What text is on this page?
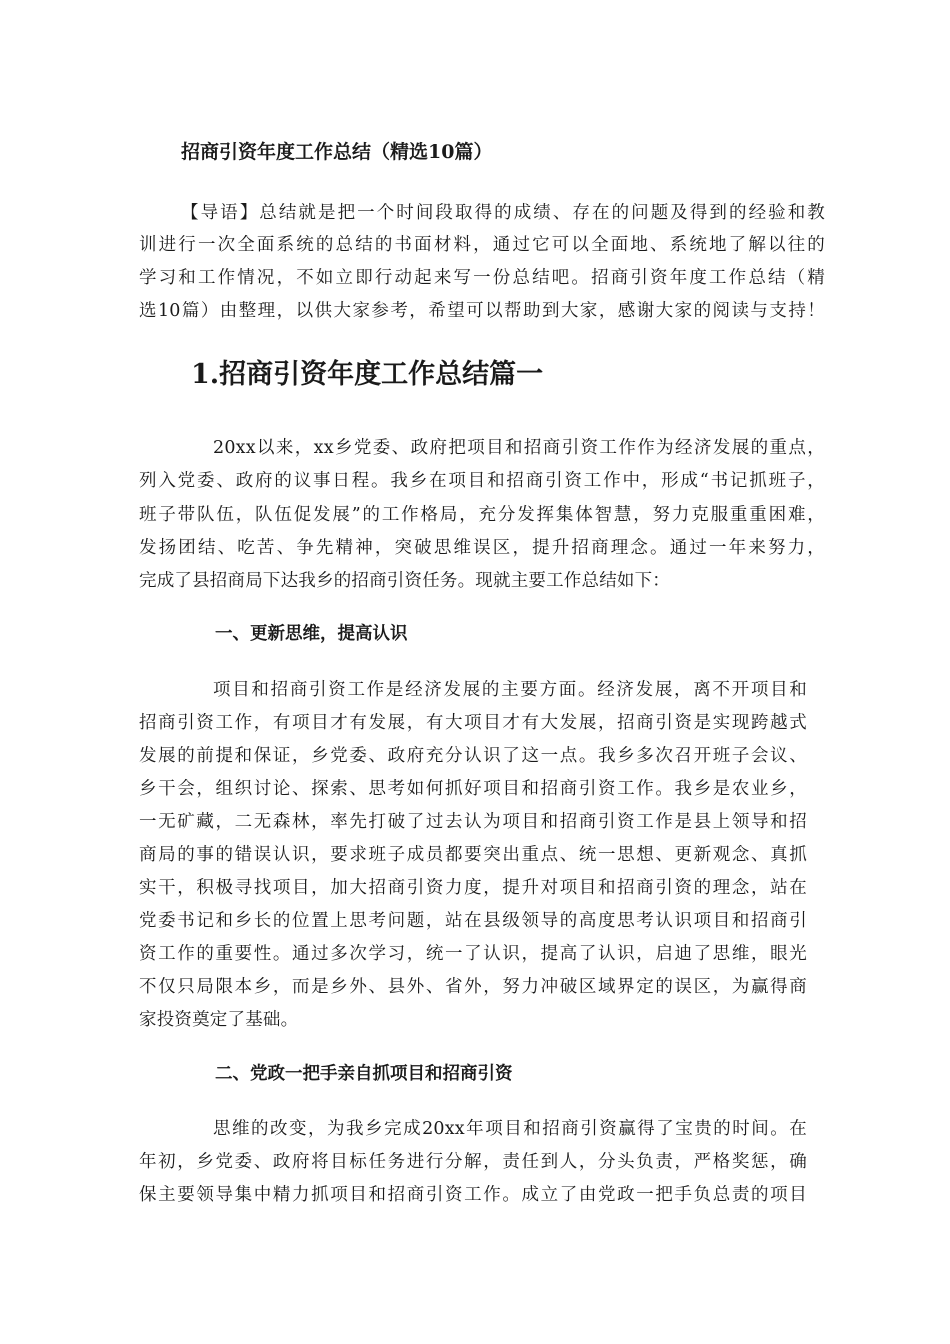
招商引资年度工作总结（精选10篇）
【导语】总结就是把一个时间段取得的成绩、存在的问题及得到的经验和教
训进行一次全面系统的总结的书面材料，通过它可以全面地、系统地了解以往的
学习和工作情况，不如立即行动起来写一份总结吧。招商引资年度工作总结（精
选10篇）由整理，以供大家参考，希望可以帮助到大家，感谢大家的阅读与支持！
1.招商引资年度工作总结篇一
20xx以来，xx乡党委、政府把项目和招商引资工作作为经济发展的重点，
列入党委、政府的议事日程。我乡在项目和招商引资工作中，形成“书记抓班子，
班子带队伍，队伍促发展”的工作格局，充分发挥集体智慧，努力克服重重困难，
发扬团结、吃苦、争先精神，突破思维误区，提升招商理念。通过一年来努力，
完成了县招商局下达我乡的招商引资任务。现就主要工作总结如下：
一、更新思维，提高认识
项目和招商引资工作是经济发展的主要方面。经济发展，离不开项目和
招商引资工作，有项目才有发展，有大项目才有大发展，招商引资是实现跨越式
发展的前提和保证，乡党委、政府充分认识了这一点。我乡多次召开班子会议、
乡干会，组织讨论、探索、思考如何抓好项目和招商引资工作。我乡是农业乡，
一无矿藏，二无森林，率先打破了过去认为项目和招商引资工作是县上领导和招
商局的事的错误认识，要求班子成员都要突出重点、统一思想、更新观念、真抓
实干，积极寻找项目，加大招商引资力度，提升对项目和招商引资的理念，站在
党委书记和乡长的位置上思考问题，站在县级领导的高度思考认识项目和招商引
资工作的重要性。通过多次学习，统一了认识，提高了认识，启迪了思维，眼光
不仅只局限本乡，而是乡外、县外、省外，努力冲破区域界定的误区，为赢得商
家投资奠定了基础。
二、党政一把手亲自抓项目和招商引资
思维的改变，为我乡完成20xx年项目和招商引资赢得了宝贵的时间。在
年初，乡党委、政府将目标任务进行分解，责任到人，分头负责，严格奖惩，确
保主要领导集中精力抓项目和招商引资工作。成立了由党政一把手负总责的项目
